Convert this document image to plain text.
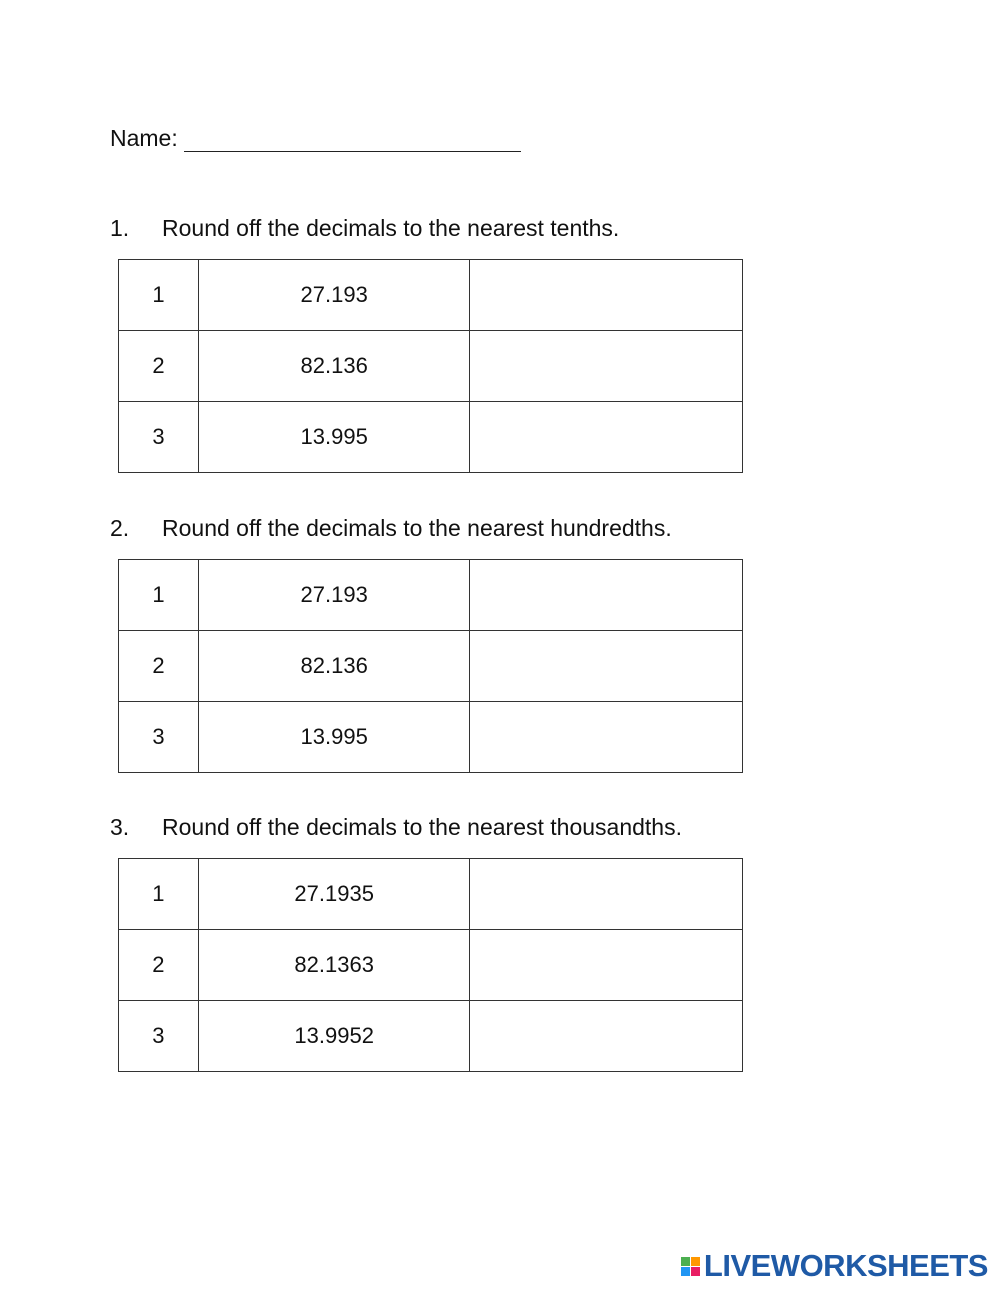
Name:
1.	Round off the decimals to the nearest tenths.
1	27.193	
2	82.136	
3	13.995	
2.	Round off the decimals to the nearest hundredths.
1	27.193	
2	82.136	
3	13.995	
3.	Round off the decimals to the nearest thousandths.
1	27.1935	
2	82.1363	
3	13.9952	
LIVEWORKSHEETS
